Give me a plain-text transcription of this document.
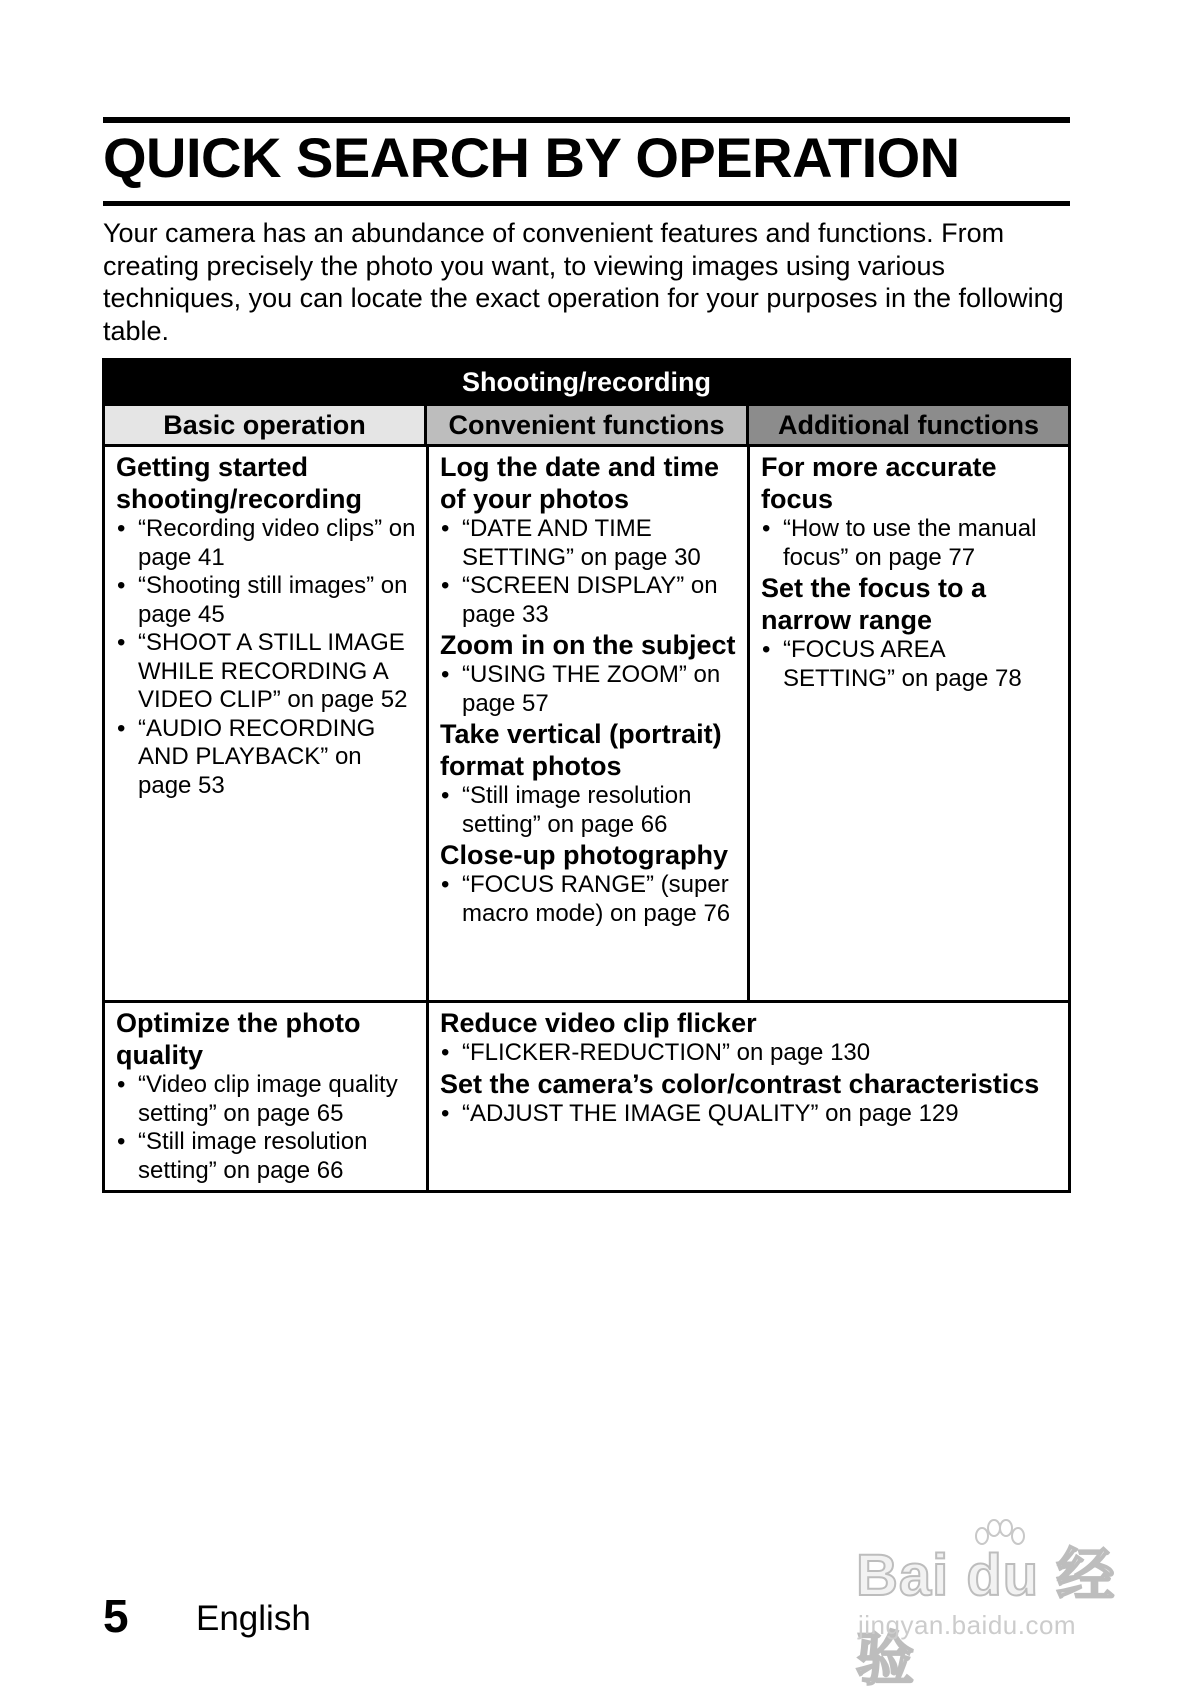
QUICK SEARCH BY OPERATION
Your camera has an abundance of convenient features and functions. From creating precisely the photo you want, to viewing images using various techniques, you can locate the exact operation for your purposes in the following table.
Shooting/recording
Basic operation	Convenient functions	Additional functions
Getting started shooting/recording
• “Recording video clips” on page 41
• “Shooting still images” on page 45
• “SHOOT A STILL IMAGE WHILE RECORDING A VIDEO CLIP” on page 52
• “AUDIO RECORDING AND PLAYBACK” on page 53
Log the date and time of your photos
• “DATE AND TIME SETTING” on page 30
• “SCREEN DISPLAY” on page 33
Zoom in on the subject
• “USING THE ZOOM” on page 57
Take vertical (portrait) format photos
• “Still image resolution setting” on page 66
Close-up photography
• “FOCUS RANGE” (super macro mode) on page 76
For more accurate focus
• “How to use the manual focus” on page 77
Set the focus to a narrow range
• “FOCUS AREA SETTING” on page 78
Optimize the photo quality
• “Video clip image quality setting” on page 65
• “Still image resolution setting” on page 66
Reduce video clip flicker
• “FLICKER-REDUCTION” on page 130
Set the camera’s color/contrast characteristics
• “ADJUST THE IMAGE QUALITY” on page 129
5 English
Bai du 经验
jingyan.baidu.com
